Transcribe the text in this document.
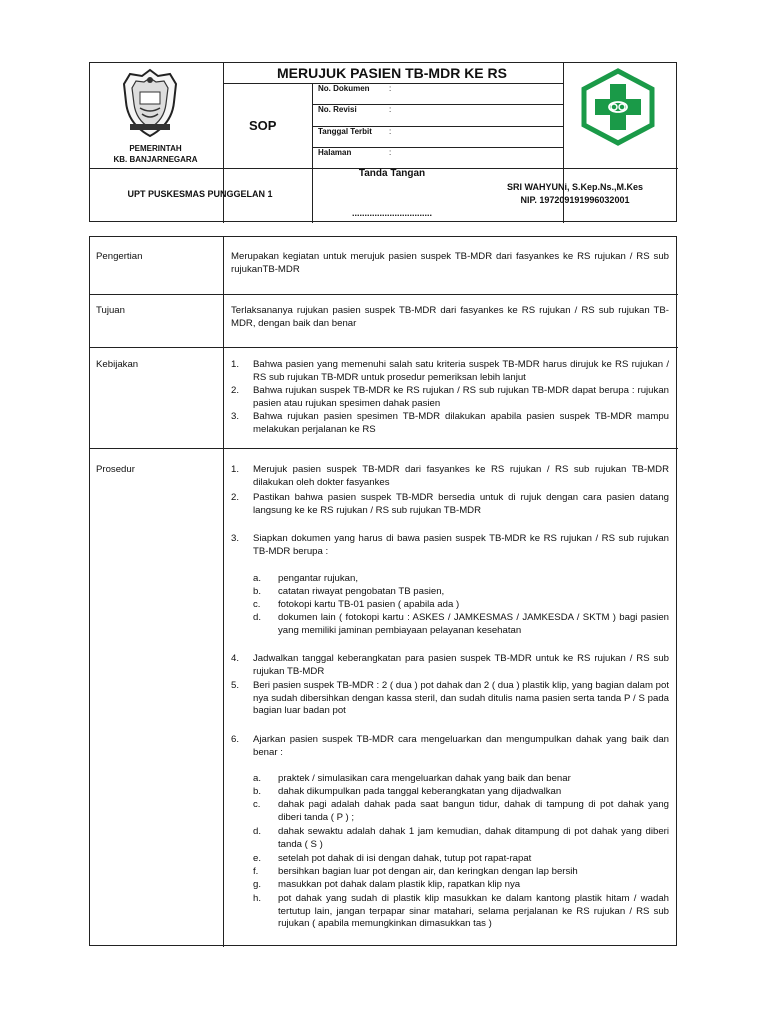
PEMERINTAH
KB. BANJARNEGARA
MERUJUK PASIEN TB-MDR KE RS
SOP
No. Dokumen :
No. Revisi	:
Tanggal Terbit :
Halaman	:
UPT PUSKESMAS PUNGGELAN 1
Tanda Tangan
................................
SRI WAHYUNi, S.Kep.Ns.,M.Kes
NIP. 197209191996032001
Pengertian	Merupakan kegiatan untuk merujuk pasien suspek TB-MDR dari fasyankes ke RS rujukan / RS sub rujukanTB-MDR
Tujuan	Terlaksananya rujukan pasien suspek TB-MDR dari fasyankes ke RS rujukan / RS sub rujukan TB-MDR, dengan baik dan benar
Kebijakan	1. Bahwa pasien yang memenuhi salah satu kriteria suspek TB-MDR harus dirujuk ke RS rujukan / RS sub rujukan TB-MDR untuk prosedur pemeriksan lebih lanjut
2. Bahwa rujukan suspek TB-MDR ke RS rujukan / RS sub rujukan TB-MDR dapat berupa : rujukan pasien atau rujukan spesimen dahak pasien
3. Bahwa rujukan pasien spesimen TB-MDR dilakukan apabila pasien suspek TB-MDR mampu melakukan perjalanan ke RS
Prosedur	1. Merujuk pasien suspek TB-MDR dari fasyankes ke RS rujukan / RS sub rujukan TB-MDR dilakukan oleh dokter fasyankes
2. Pastikan bahwa pasien suspek TB-MDR bersedia untuk di rujuk dengan cara pasien datang langsung ke ke RS rujukan / RS sub rujukan TB-MDR
3. Siapkan dokumen yang harus di bawa pasien suspek TB-MDR ke RS rujukan / RS sub rujukan TB-MDR berupa :
a. pengantar rujukan,
b. catatan riwayat pengobatan TB pasien,
c. fotokopi kartu TB-01 pasien ( apabila ada )
d. dokumen lain ( fotokopi kartu : ASKES / JAMKESMAS / JAMKESDA / SKTM ) bagi pasien yang memiliki jaminan pembiayaan pelayanan kesehatan
4. Jadwalkan tanggal keberangkatan para pasien suspek TB-MDR untuk ke RS rujukan / RS sub rujukan TB-MDR
5. Beri pasien suspek TB-MDR : 2 ( dua ) pot dahak dan 2 ( dua ) plastik klip, yang bagian dalam pot nya sudah dibersihkan dengan kassa steril, dan sudah ditulis nama pasien serta tanda P / S pada bagian luar badan pot
6. Ajarkan pasien suspek TB-MDR cara mengeluarkan dan mengumpulkan dahak yang baik dan benar :
a. praktek / simulasikan cara mengeluarkan dahak yang baik dan benar
b. dahak dikumpulkan pada tanggal keberangkatan yang dijadwalkan
c. dahak pagi adalah dahak pada saat bangun tidur, dahak di tampung di pot dahak yang diberi tanda ( P ) ;
d. dahak sewaktu adalah dahak 1 jam kemudian, dahak ditampung di pot dahak yang diberi tanda ( S )
e. setelah pot dahak di isi dengan dahak, tutup pot rapat-rapat
f. bersihkan bagian luar pot dengan air, dan keringkan dengan lap bersih
g. masukkan pot dahak dalam plastik klip, rapatkan klip nya
h. pot dahak yang sudah di plastik klip masukkan ke dalam kantong plastik hitam / wadah tertutup lain, jangan terpapar sinar matahari, selama perjalanan ke RS rujukan / RS sub rujukan ( apabila memungkinkan dimasukkan tas )
